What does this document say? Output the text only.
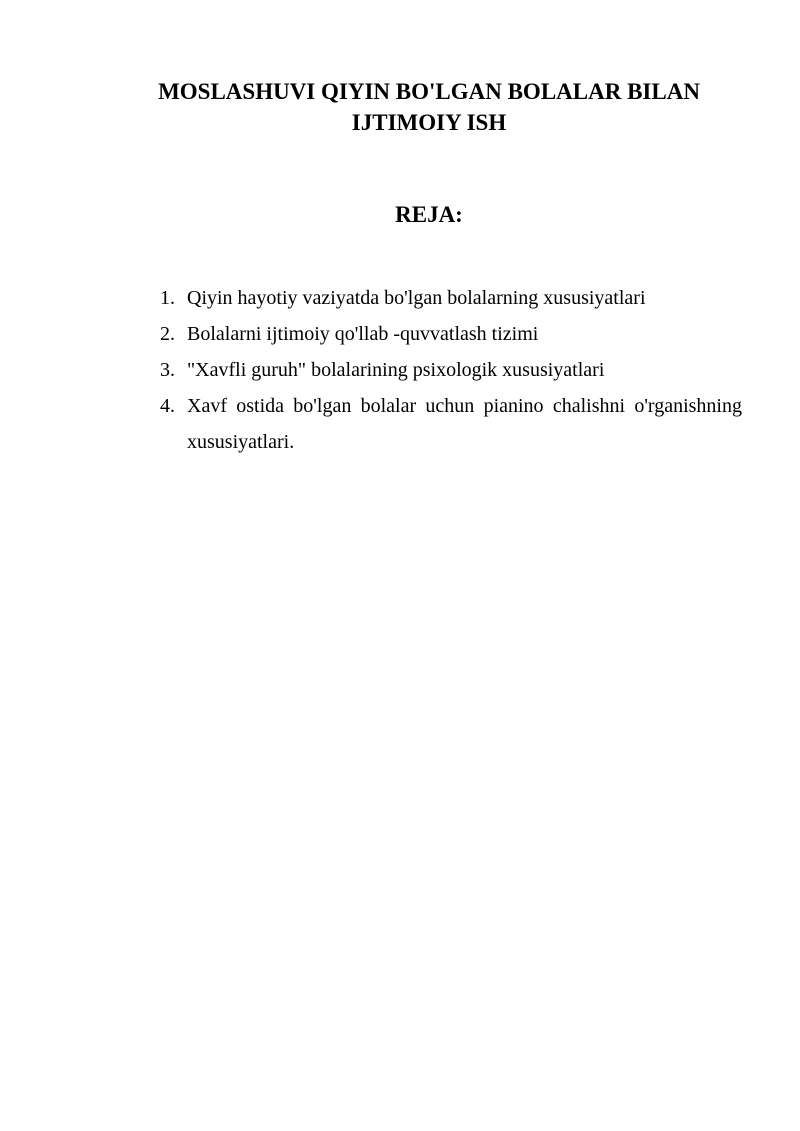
MOSLASHUVI QIYIN BO'LGAN BOLALAR BILAN
IJTIMOIY ISH
REJA:
1. Qiyin hayotiy vaziyatda bo'lgan bolalarning xususiyatlari
2. Bolalarni ijtimoiy qo'llab -quvvatlash tizimi
3. "Xavfli guruh" bolalarining psixologik xususiyatlari
4. Xavf ostida bo'lgan bolalar uchun pianino chalishni o'rganishning xususiyatlari.
